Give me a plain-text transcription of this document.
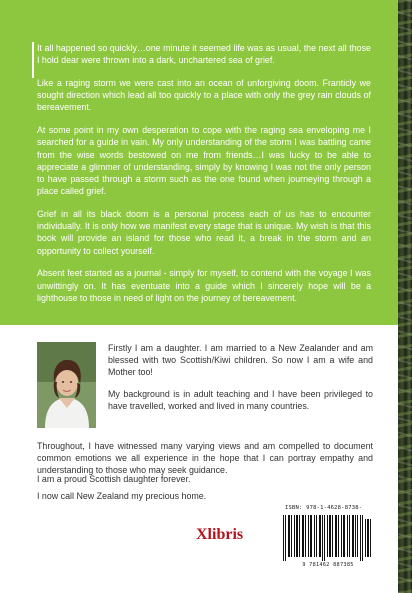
It all happened so quickly…one minute it seemed life was as usual, the next all those I hold dear were thrown into a dark, unchartered sea of grief.

Like a raging storm we were cast into an ocean of unforgiving doom. Franticly we sought direction which lead all too quickly to a place with only the grey rain clouds of bereavement.

At some point in my own desperation to cope with the raging sea enveloping me I searched for a guide in vain. My only understanding of the storm I was battling came from the wise words bestowed on me from friends…I was lucky to be able to appreciate a glimmer of understanding, simply by knowing I was not the only person to have passed through a storm such as the one found when journeying through a place called grief.

Grief in all its black doom is a personal process each of us has to encounter individually. It is only how we manifest every stage that is unique. My wish is that this book will provide an island for those who read it, a break in the storm and an opportunity to collect yourself.

Absent feet started as a journal - simply for myself, to contend with the voyage I was unwittingly on. It has eventuate into a guide which I sincerely hope will be a lighthouse to those in need of light on the journey of bereavement.

Firstly I am a daughter. I am married to a New Zealander and am blessed with two Scottish/Kiwi children. So now I am a wife and Mother too!

My background is in adult teaching and I have been privileged to have travelled, worked and lived in many countries.

Throughout, I have witnessed many varying views and am compelled to document common emotions we all experience in the hope that I can portray empathy and understanding to those who may seek guidance.

I am a proud Scottish daughter forever.

I now call New Zealand my precious home.

Xlibris
ISBN: 978-1-4628-8738-
9 781462 887385
